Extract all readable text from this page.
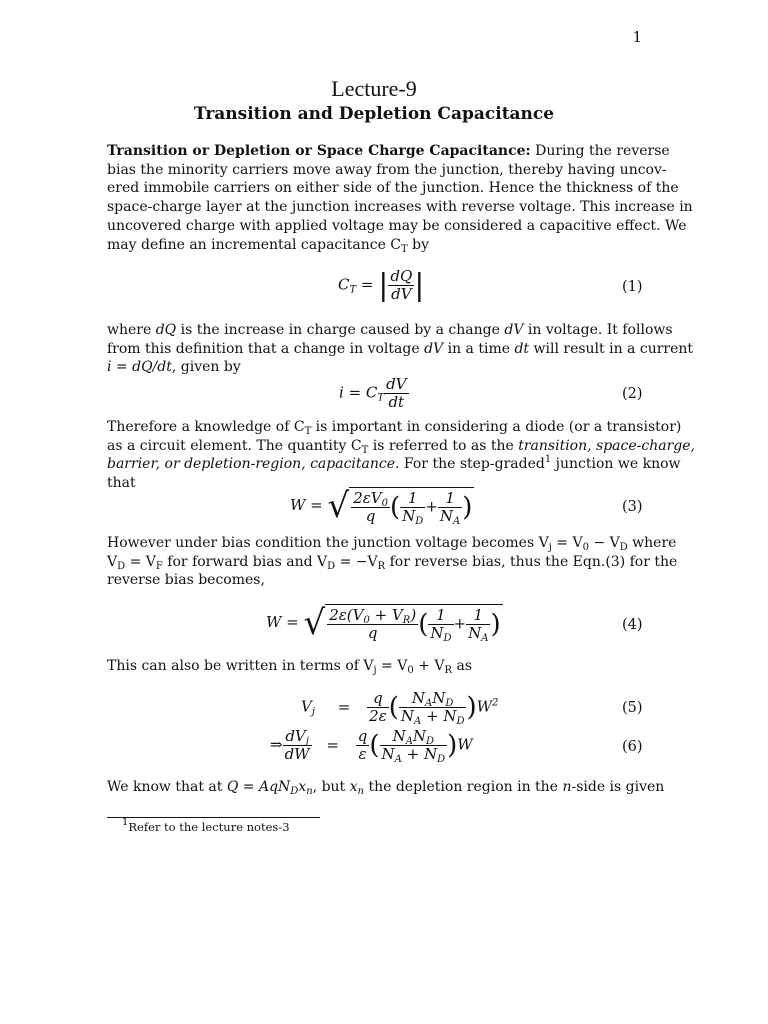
1
Lecture-9
Transition and Depletion Capacitance
Transition or Depletion or Space Charge Capacitance: During the reverse
bias the minority carriers move away from the junction, thereby having uncov-
ered immobile carriers on either side of the junction. Hence the thickness of the
space-charge layer at the junction increases with reverse voltage. This increase in
uncovered charge with applied voltage may be considered a capacitive effect. We
may define an incremental capacitance $C_T$ by
$C_T$ = | $\frac{dQ}{dV}$ |	(1)
where dQ is the increase in charge caused by a change dV in voltage. It follows
from this definition that a change in voltage dV in a time dt will result in a current
i = dQ/dt, given by
$i = C_T \frac{dV}{dt}$	(2)
Therefore a knowledge of $C_T$ is important in considering a diode (or a transistor)
as a circuit element. The quantity $C_T$ is referred to as the transition, space-charge,
barrier, or depletion-region, capacitance. For the step-graded$^1$ junction we know
that
W = √ $\frac{2\varepsilon V_0}{q}$ ( $\frac{1}{N_D} + \frac{1}{N_A}$ )	(3)
However under bias condition the junction voltage becomes $V_j = V_0 - V_D$ where
$V_D = V_F$ for forward bias and $V_D = -V_R$ for reverse bias, thus the Eqn.(3) for the
reverse bias becomes,
W = √ $\frac{2\varepsilon(V_0 + V_R)}{q}$ ( $\frac{1}{N_D} + \frac{1}{N_A}$ )	(4)
This can also be written in terms of $V_j = V_0 + V_R$ as
$V_j = \frac{q}{2\varepsilon}$ ( $\frac{N_AN_D}{N_A + N_D} )W^2$	(5)
⇒ $\frac{dV_j}{dW} = \frac{q}{\varepsilon}$ ( $\frac{N_AN_D}{N_A + N_D} )W$	(6)
We know that at $Q = AqN_Dx_n$, but $x_n$ the depletion region in the n-side is given
$^1$Refer to the lecture notes-3
